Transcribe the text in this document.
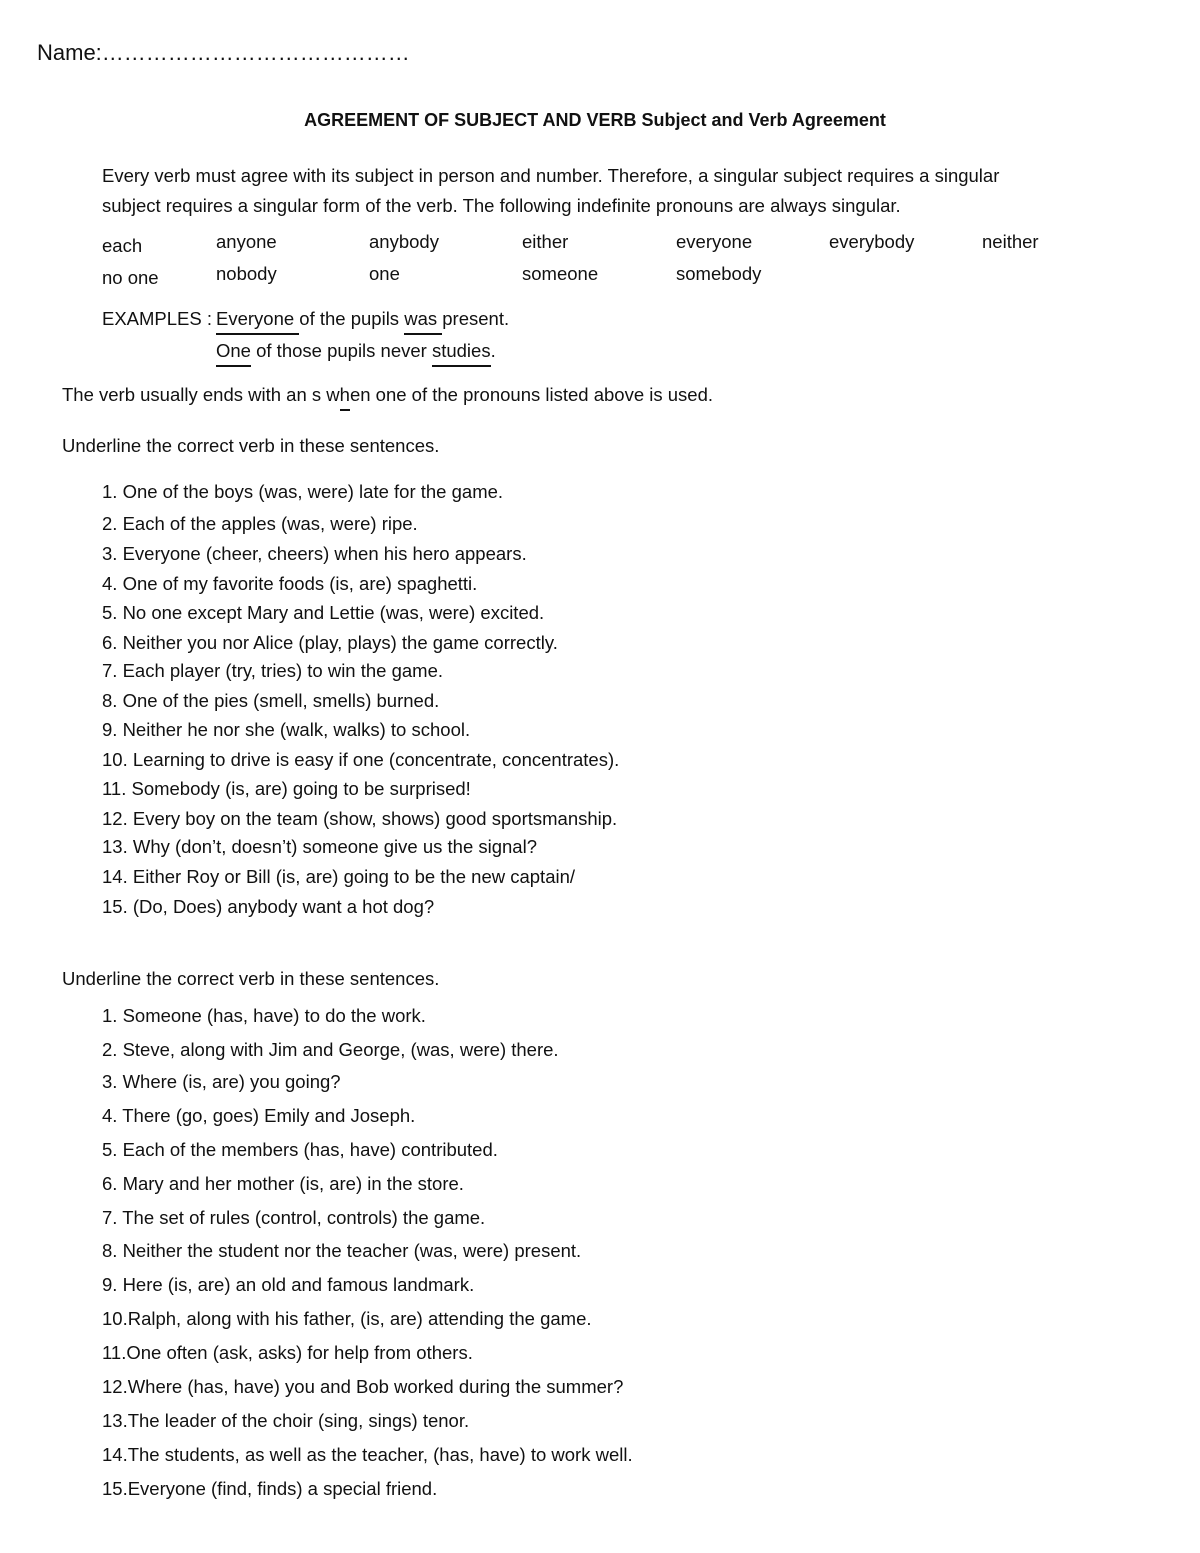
Name:……………………………………
AGREEMENT OF SUBJECT AND VERB Subject and Verb Agreement
Every verb must agree with its subject in person and number. Therefore, a singular subject requires a singular
subject requires a singular form of the verb. The following indefinite pronouns are always singular.
each	anyone	anybody	either	everyone	everybody	neither
no one	nobody	one	someone	somebody
EXAMPLES : Everyone of the pupils was present.
One of those pupils never studies.
The verb usually ends with an s when one of the pronouns listed above is used.
Underline the correct verb in these sentences.
1. One of the boys (was, were) late for the game.
2. Each of the apples (was, were) ripe.
3. Everyone (cheer, cheers) when his hero appears.
4. One of my favorite foods (is, are) spaghetti.
5. No one except Mary and Lettie (was, were) excited.
6. Neither you nor Alice (play, plays) the game correctly.
7. Each player (try, tries) to win the game.
8. One of the pies (smell, smells) burned.
9. Neither he nor she (walk, walks) to school.
10. Learning to drive is easy if one (concentrate, concentrates).
11. Somebody (is, are) going to be surprised!
12. Every boy on the team (show, shows) good sportsmanship.
13. Why (don’t, doesn’t) someone give us the signal?
14. Either Roy or Bill (is, are) going to be the new captain/
15. (Do, Does) anybody want a hot dog?
Underline the correct verb in these sentences.
1. Someone (has, have) to do the work.
2. Steve, along with Jim and George, (was, were) there.
3. Where (is, are) you going?
4. There (go, goes) Emily and Joseph.
5. Each of the members (has, have) contributed.
6. Mary and her mother (is, are) in the store.
7. The set of rules (control, controls) the game.
8. Neither the student nor the teacher (was, were) present.
9. Here (is, are) an old and famous landmark.
10.Ralph, along with his father, (is, are) attending the game.
11.One often (ask, asks) for help from others.
12.Where (has, have) you and Bob worked during the summer?
13.The leader of the choir (sing, sings) tenor.
14.The students, as well as the teacher, (has, have) to work well.
15.Everyone (find, finds) a special friend.
